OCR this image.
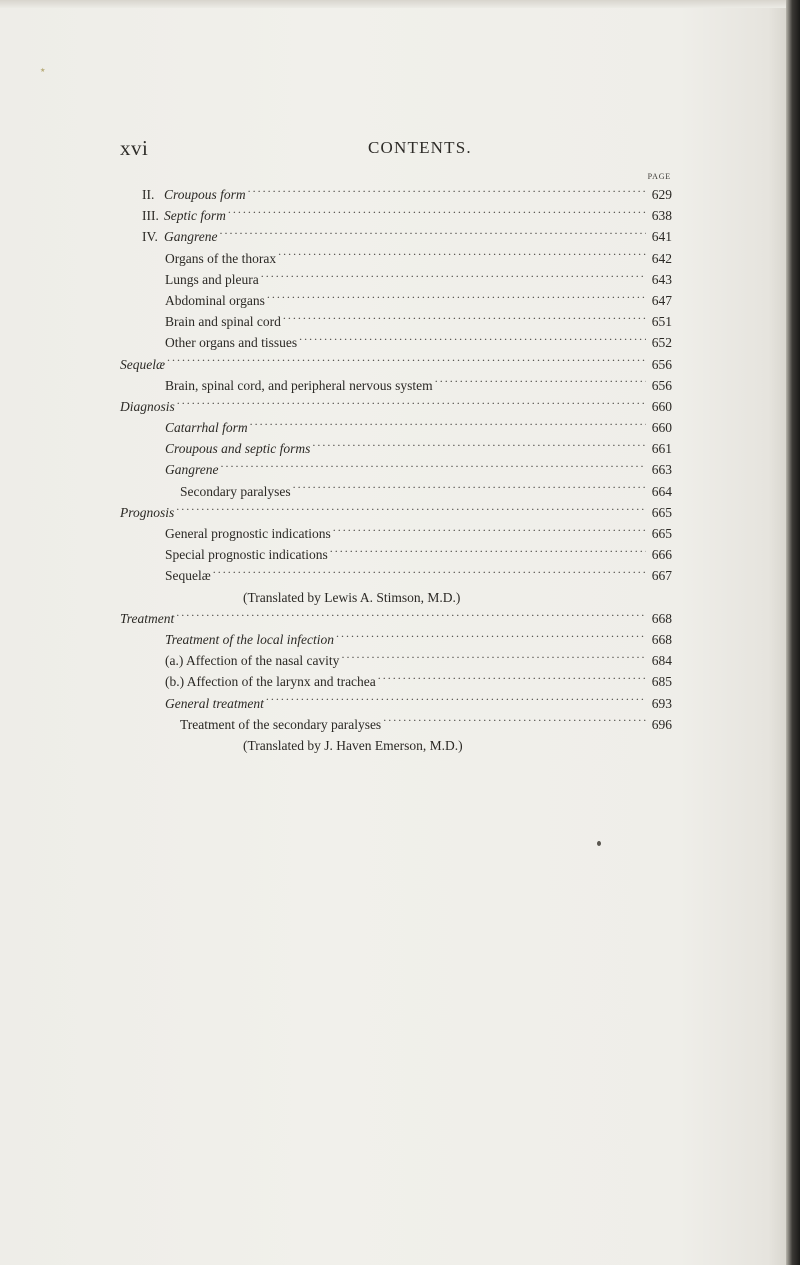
٭
xvi	CONTENTS.
PAGE
II. Croupous form .....	629
III. Septic form .....	638
IV. Gangrene .....	641
Organs of the thorax .....	642
Lungs and pleura .....	643
Abdominal organs .....	647
Brain and spinal cord .....	651
Other organs and tissues .....	652
Sequelæ .....	656
Brain, spinal cord, and peripheral nervous system .....	656
Diagnosis .....	660
Catarrhal form .....	660
Croupous and septic forms .....	661
Gangrene .....	663
Secondary paralyses .....	664
Prognosis .....	665
General prognostic indications .....	665
Special prognostic indications .....	666
Sequelæ .....	667
(Translated by Lewis A. Stimson, M.D.)
Treatment .....	668
Treatment of the local infection .....	668
(a.) Affection of the nasal cavity .....	684
(b.) Affection of the larynx and trachea .....	685
General treatment .....	693
Treatment of the secondary paralyses .....	696
(Translated by J. Haven Emerson, M.D.)
